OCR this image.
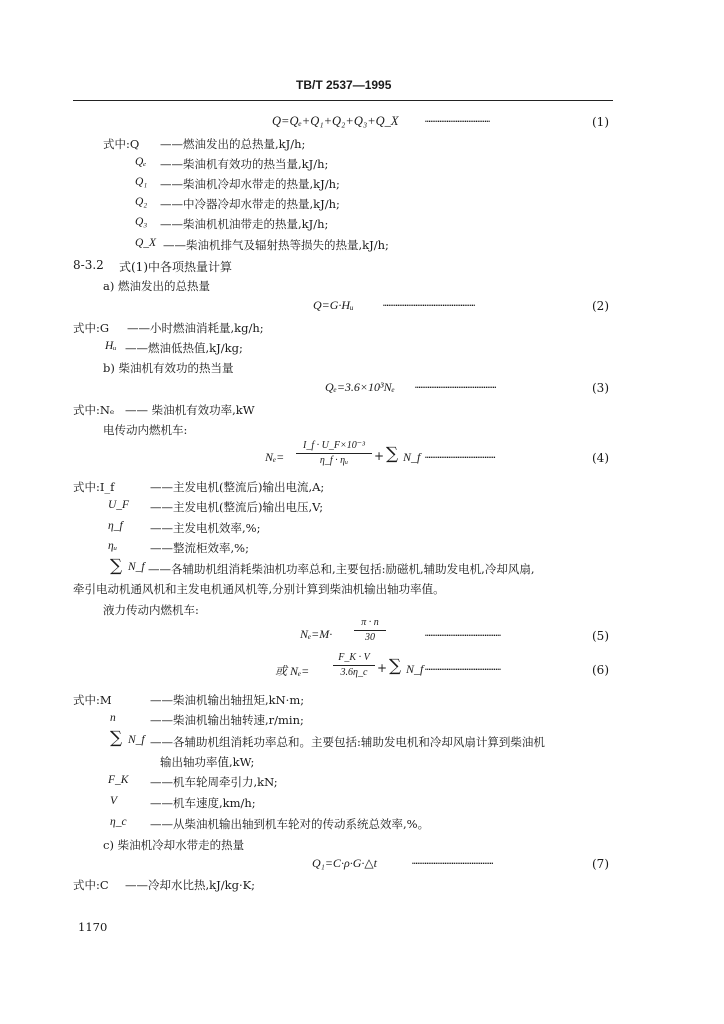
TB/T 2537—1995
Q=Qₑ+Q₁+Q₂+Q₃+Q_X	………………………………	(1)
式中:Q ——燃油发出的总热量,kJ/h;
Qₑ ——柴油机有效功的热当量,kJ/h;
Q₁ ——柴油机冷却水带走的热量,kJ/h;
Q₂ ——中冷器冷却水带走的热量,kJ/h;
Q₃ ——柴油机机油带走的热量,kJ/h;
Q_X ——柴油机排气及辐射热等损失的热量,kJ/h;
8-3.2 式(1)中各项热量计算
a) 燃油发出的总热量
Q=G·Hᵤ	……………………………………………	(2)
式中:G ——小时燃油消耗量,kg/h;
Hᵤ ——燃油低热值,kJ/kg;
b) 柴油机有效功的热当量
Qₑ=3.6×10³Nₑ ………………………………………	(3)
式中:Nₑ —— 柴油机有效功率,kW
电传动内燃机车:
Nₑ=
I_f · U_F×10⁻³
η_f · ηᵤ	+ ∑ N_f …………………………………	(4)
式中:I_f	——主发电机(整流后)输出电流,A;
U_F ——主发电机(整流后)输出电压,V;
η_f ——主发电机效率,%;
ηᵤ	——整流柜效率,%;
∑ N_f ——各辅助机组消耗柴油机功率总和,主要包括:励磁机,辅助发电机,冷却风扇,
牵引电动机通风机和主发电机通风机等,分别计算到柴油机输出轴功率值。
液力传动内燃机车:
Nₑ=M·
π · n
30	……………………………………	(5)
或 Nₑ=
F_K · V
3.6η_c + ∑ N_f ……………………………………	(6)
式中:M	——柴油机输出轴扭矩,kN·m;
n	——柴油机输出轴转速,r/min;
∑ N_f ——各辅助机组消耗功率总和。主要包括:辅助发电机和冷却风扇计算到柴油机
输出轴功率值,kW;
F_K ——机车轮周牵引力,kN;
V	——机车速度,km/h;
η_c ——从柴油机输出轴到机车轮对的传动系统总效率,%。
c) 柴油机冷却水带走的热量
Q₁=C·ρ·G·△t	………………………………………	(7)
式中:C ——冷却水比热,kJ/kg·K;
1170
